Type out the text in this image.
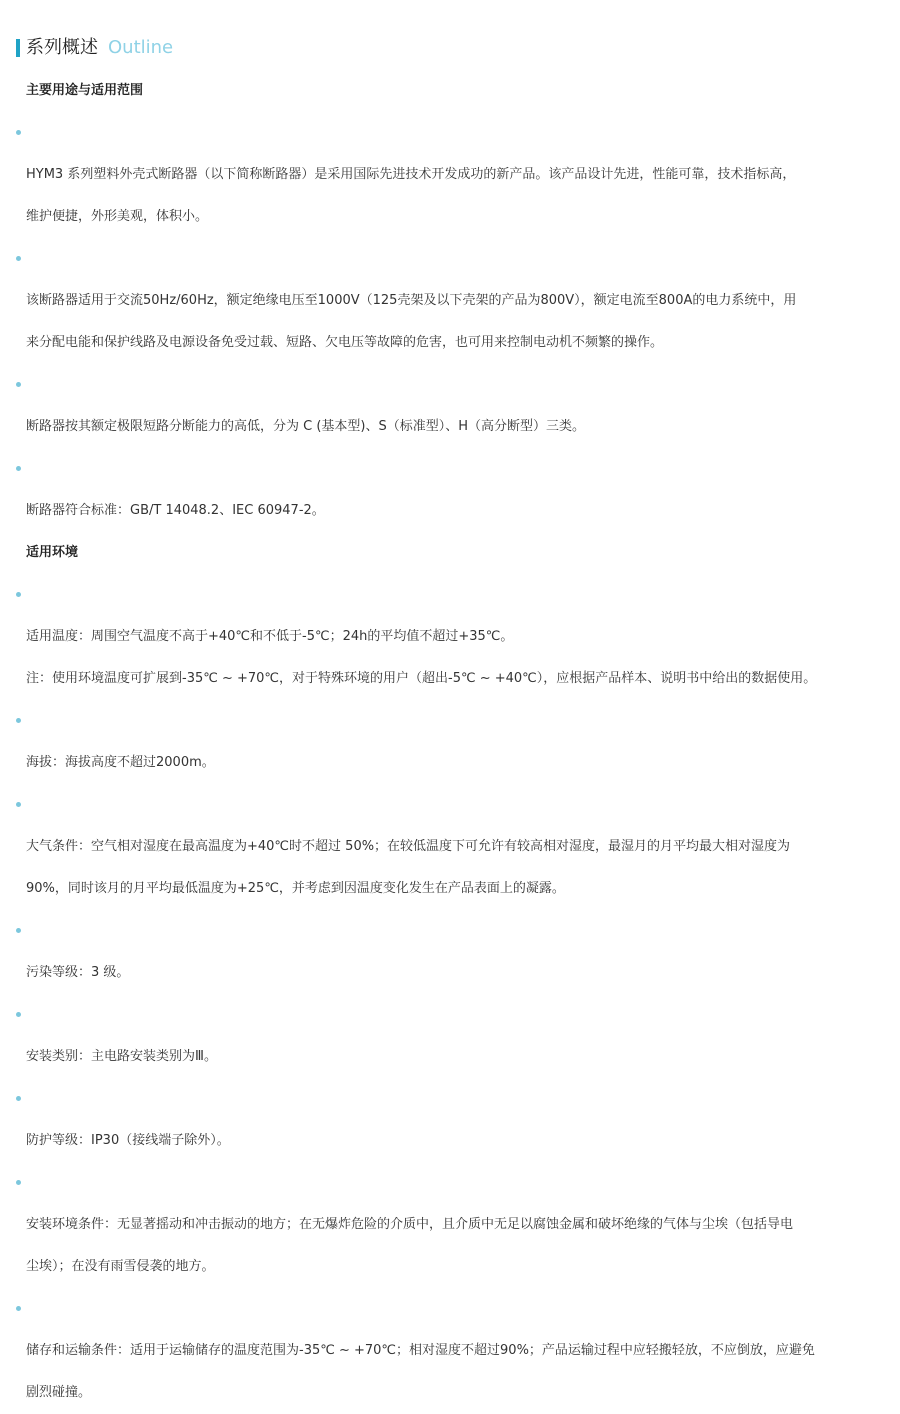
系列概述 Outline
主要用途与适用范围

HYM3 系列塑料外壳式断路器（以下简称断路器）是采用国际先进技术开发成功的新产品。该产品设计先进，性能可靠，技术指标高，
维护便捷，外形美观，体积小。

该断路器适用于交流50Hz/60Hz，额定绝缘电压至1000V（125壳架及以下壳架的产品为800V），额定电流至800A的电力系统中，用
来分配电能和保护线路及电源设备免受过载、短路、欠电压等故障的危害，也可用来控制电动机不频繁的操作。

断路器按其额定极限短路分断能力的高低，分为 C (基本型)、S（标准型）、H（高分断型）三类。

断路器符合标准：GB/T 14048.2、IEC 60947-2。

适用环境

适用温度：周围空气温度不高于+40℃和不低于-5℃；24h的平均值不超过+35℃。

注：使用环境温度可扩展到-35℃ ~ +70℃，对于特殊环境的用户（超出-5℃ ~ +40℃），应根据产品样本、说明书中给出的数据使用。

海拔：海拔高度不超过2000m。

大气条件：空气相对湿度在最高温度为+40℃时不超过 50%；在较低温度下可允许有较高相对湿度，最湿月的月平均最大相对湿度为
90%，同时该月的月平均最低温度为+25℃，并考虑到因温度变化发生在产品表面上的凝露。

污染等级：3 级。

安装类别：主电路安装类别为Ⅲ。

防护等级：IP30（接线端子除外）。

安装环境条件：无显著摇动和冲击振动的地方；在无爆炸危险的介质中，且介质中无足以腐蚀金属和破坏绝缘的气体与尘埃（包括导电
尘埃）；在没有雨雪侵袭的地方。

储存和运输条件：适用于运输储存的温度范围为-35℃ ~ +70℃；相对湿度不超过90%；产品运输过程中应轻搬轻放，不应倒放，应避免
剧烈碰撞。
